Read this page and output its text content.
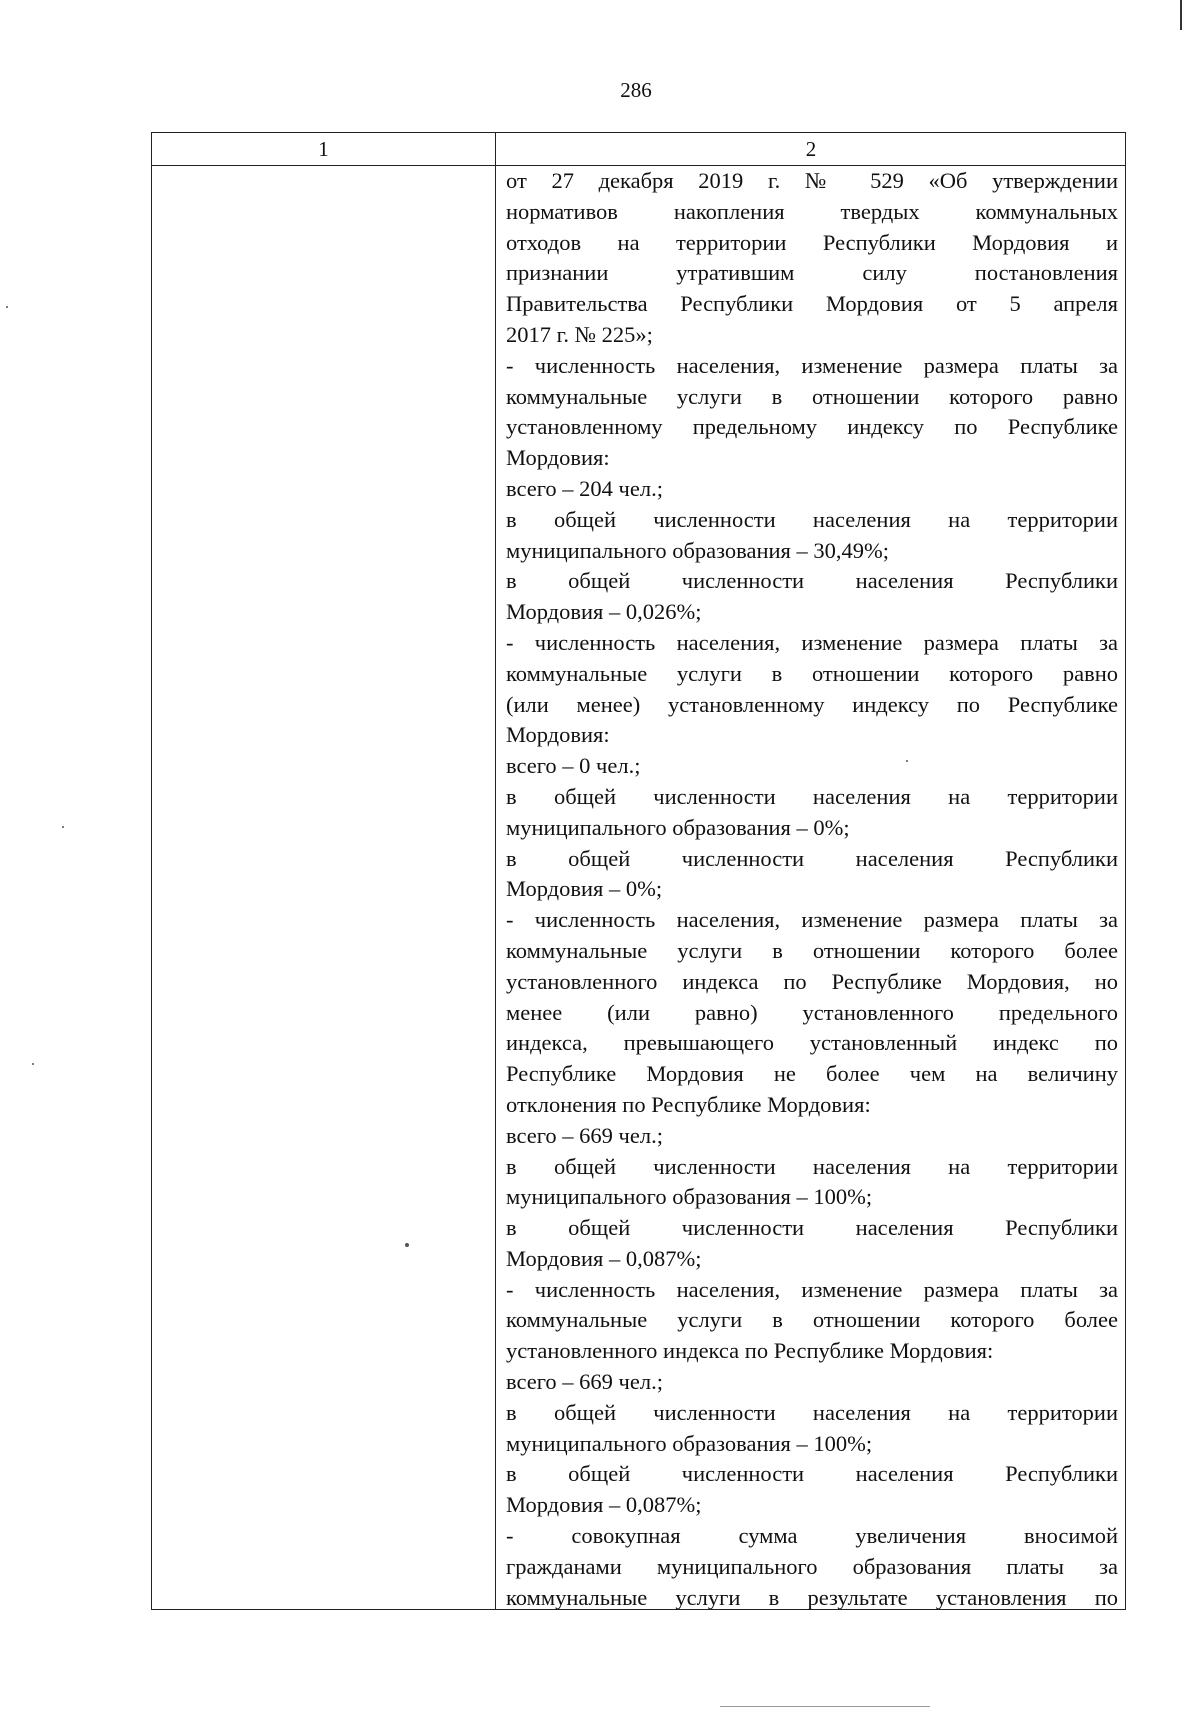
286
1	2
от 27 декабря 2019 г. № 529 «Об утверждении
нормативов накопления твердых коммунальных
отходов на территории Республики Мордовия и
признании утратившим силу постановления
Правительства Республики Мордовия от 5 апреля
2017 г. № 225»;
- численность населения, изменение размера платы за
коммунальные услуги в отношении которого равно
установленному предельному индексу по Республике
Мордовия:
всего – 204 чел.;
в общей численности населения на территории
муниципального образования – 30,49%;
в общей численности населения Республики
Мордовия – 0,026%;
- численность населения, изменение размера платы за
коммунальные услуги в отношении которого равно
(или менее) установленному индексу по Республике
Мордовия:
всего – 0 чел.;
в общей численности населения на территории
муниципального образования – 0%;
в общей численности населения Республики
Мордовия – 0%;
- численность населения, изменение размера платы за
коммунальные услуги в отношении которого более
установленного индекса по Республике Мордовия, но
менее (или равно) установленного предельного
индекса, превышающего установленный индекс по
Республике Мордовия не более чем на величину
отклонения по Республике Мордовия:
всего – 669 чел.;
в общей численности населения на территории
муниципального образования – 100%;
в общей численности населения Республики
Мордовия – 0,087%;
- численность населения, изменение размера платы за
коммунальные услуги в отношении которого более
установленного индекса по Республике Мордовия:
всего – 669 чел.;
в общей численности населения на территории
муниципального образования – 100%;
в общей численности населения Республики
Мордовия – 0,087%;
- совокупная сумма увеличения вносимой
гражданами муниципального образования платы за
коммунальные услуги в результате установления по
